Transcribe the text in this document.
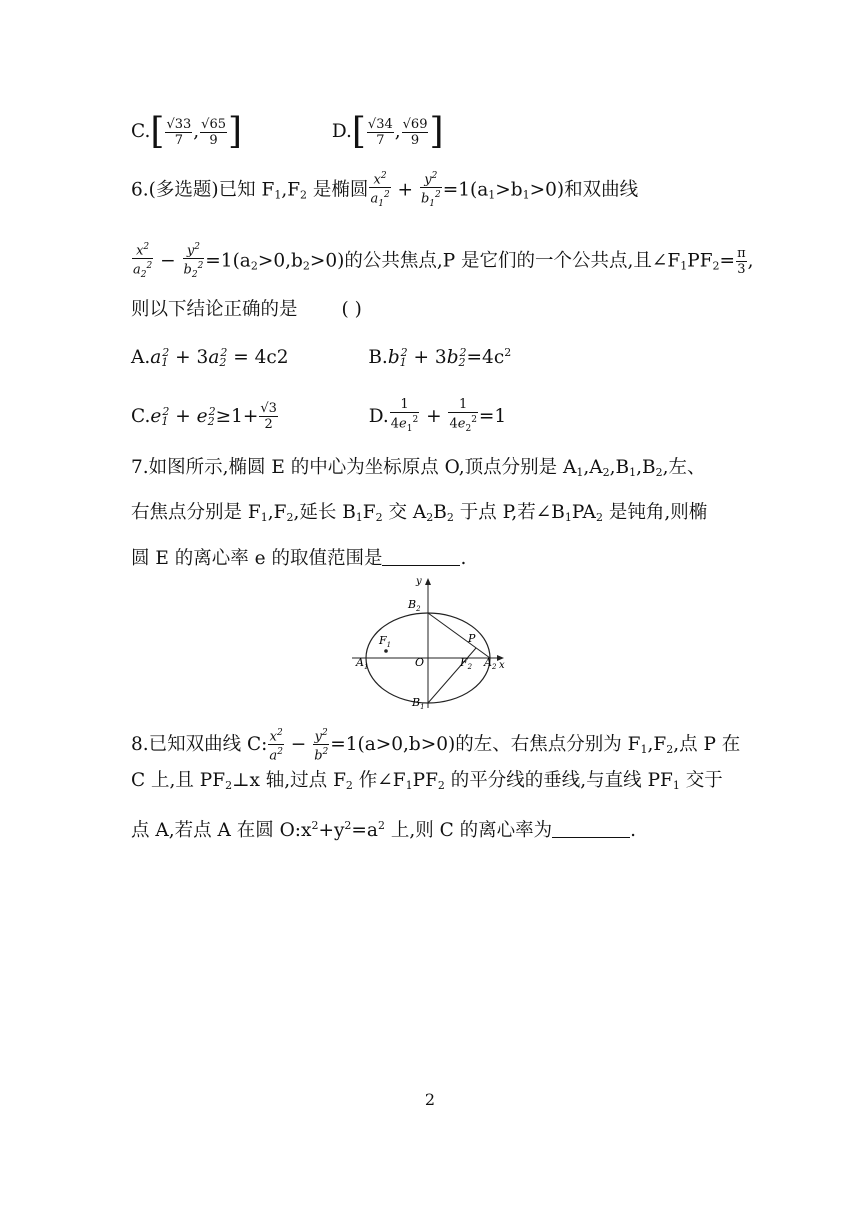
$C.[ \frac{√33}{7}$ , $\frac{√65}{9}$ ]	$D.[ \frac{√34}{7}$ , $\frac{√69}{9}$ ]
6.(多选题)已知 $F_1,F_2$ 是椭圆 $\frac{x^2}{a_1^2} + \frac{y^2}{b_1^2} =1(a_1>b_1>0)$和双曲线
$\frac{x^2}{a_2^2} - \frac{y^2}{b_2^2} =1(a_2>0,b_2>0)$的公共焦点,P 是它们的一个公共点,且$\angle F_1PF_2= \frac{\pi}{3}$ ,
则以下结论正确的是 ( )
$A.a_1^2 + 3a_2^2 = 4c2$	$B.b_1^2 + 3b_2^2=4c^2$
$C.e_1^2 + e_2^2\ge 1+ \frac{√3}{2}$	D. $\frac{1}{4e_1^2} + \frac{1}{4e_2^2} =1$
7.如图所示,椭圆 E 的中心为坐标原点 O,顶点分别是 $A_1,A_2,B_1,B_2$,左、
右焦点分别是 $F_1,F_2$,延长 $B_1F_2$ 交 $A_2B_2$ 于点 P,若$\angle B_1PA_2$ 是钝角,则椭
圆 E 的离心率 e 的取值范围是	.
y
x
$B_2$
$B_1$
$A_1$	$A_2$
$F_1$
$F_2$
O
P
8.已知双曲线 C: $\frac{x^2}{a^2} - \frac{y^2}{b^2} =1(a>0,b>0)$的左、右焦点分别为 $F_1,F_2$,点 P 在
C 上,且 $PF_2\perp x$ 轴,过点 $F_2$ 作$\angle F_1PF_2$ 的平分线的垂线,与直线 $PF_1$ 交于
点 A,若点 A 在圆 $O:x^2+y^2=a^2$ 上,则 C 的离心率为	.
2
